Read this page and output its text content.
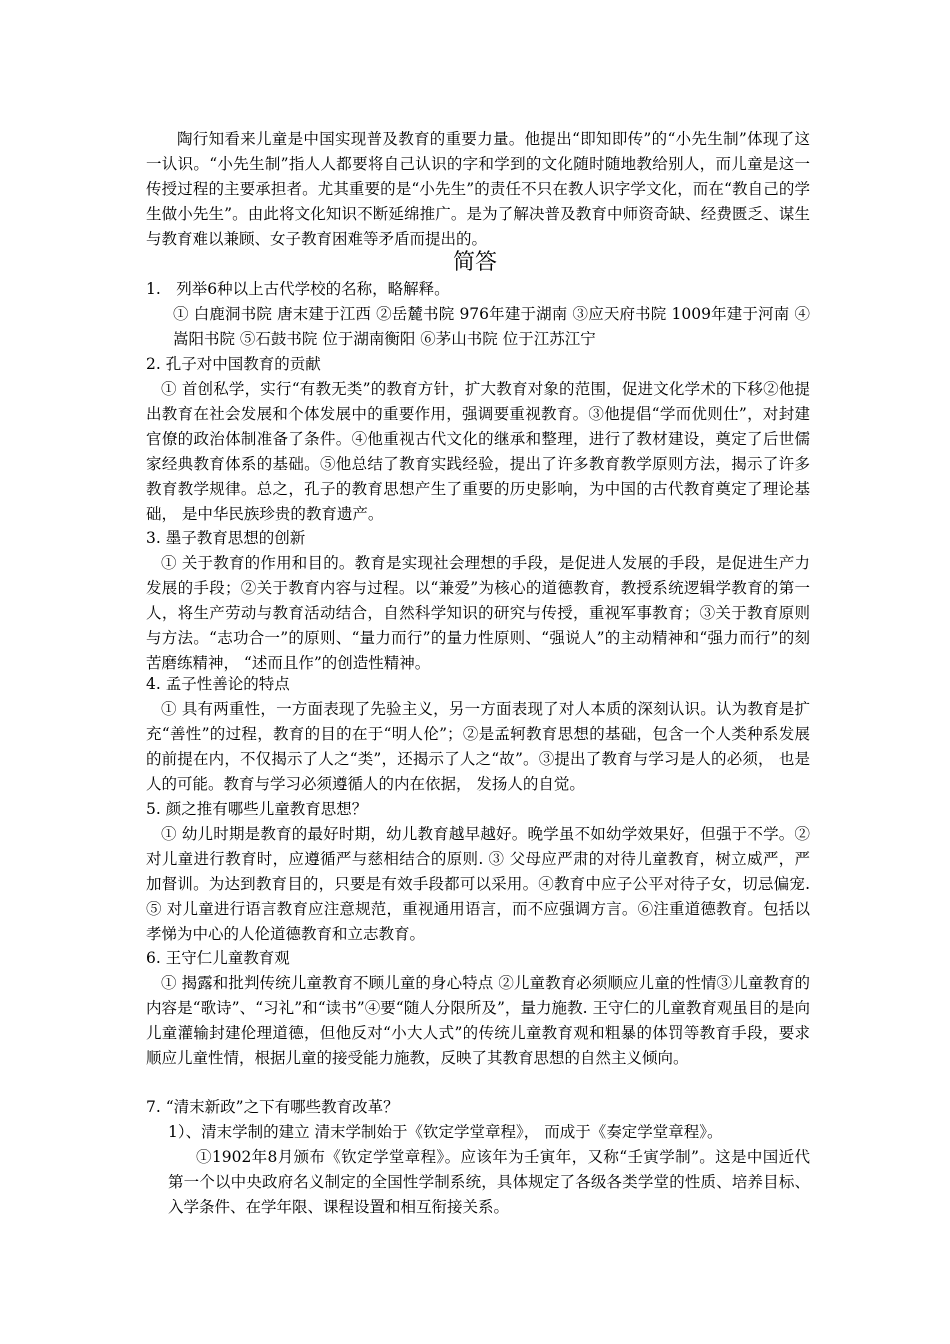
陶行知看来儿童是中国实现普及教育的重要力量。他提出“即知即传”的“小先生制”体现了这一认识。“小先生制”指人人都要将自己认识的字和学到的文化随时随地教给别人，而儿童是这一传授过程的主要承担者。尤其重要的是“小先生”的责任不只在教人识字学文化，而在“教自己的学生做小先生”。由此将文化知识不断延绵推广。是为了解决普及教育中师资奇缺、经费匮乏、谋生与教育难以兼顾、女子教育困难等矛盾而提出的。

简答

1.　列举6种以上古代学校的名称，略解释。

① 白鹿洞书院 唐末建于江西 ②岳麓书院 976年建于湖南 ③应天府书院 1009年建于河南 ④嵩阳书院 ⑤石鼓书院 位于湖南衡阳 ⑥茅山书院 位于江苏江宁

2. 孔子对中国教育的贡献

① 首创私学，实行“有教无类”的教育方针，扩大教育对象的范围，促进文化学术的下移②他提出教育在社会发展和个体发展中的重要作用，强调要重视教育。③他提倡“学而优则仕”，对封建官僚的政治体制准备了条件。④他重视古代文化的继承和整理，进行了教材建设，奠定了后世儒家经典教育体系的基础。⑤他总结了教育实践经验，提出了许多教育教学原则方法，揭示了许多教育教学规律。总之，孔子的教育思想产生了重要的历史影响，为中国的古代教育奠定了理论基础， 是中华民族珍贵的教育遗产。

3. 墨子教育思想的创新

① 关于教育的作用和目的。教育是实现社会理想的手段，是促进人发展的手段，是促进生产力发展的手段；②关于教育内容与过程。以“兼爱”为核心的道德教育，教授系统逻辑学教育的第一人，将生产劳动与教育活动结合，自然科学知识的研究与传授，重视军事教育；③关于教育原则与方法。“志功合一”的原则、“量力而行”的量力性原则、“强说人”的主动精神和“强力而行”的刻苦磨练精神， “述而且作”的创造性精神。

4. 孟子性善论的特点

① 具有两重性，一方面表现了先验主义，另一方面表现了对人本质的深刻认识。认为教育是扩充“善性”的过程，教育的目的在于“明人伦”；②是孟轲教育思想的基础，包含一个人类种系发展的前提在内，不仅揭示了人之“类”，还揭示了人之“故”。③提出了教育与学习是人的必须， 也是人的可能。教育与学习必须遵循人的内在依据， 发扬人的自觉。

5. 颜之推有哪些儿童教育思想？

① 幼儿时期是教育的最好时期，幼儿教育越早越好。晚学虽不如幼学效果好，但强于不学。②对儿童进行教育时，应遵循严与慈相结合的原则. ③ 父母应严肃的对待儿童教育，树立威严，严加督训。为达到教育目的，只要是有效手段都可以采用。④教育中应子公平对待子女，切忌偏宠. ⑤ 对儿童进行语言教育应注意规范，重视通用语言，而不应强调方言。⑥注重道德教育。包括以孝悌为中心的人伦道德教育和立志教育。

6. 王守仁儿童教育观

① 揭露和批判传统儿童教育不顾儿童的身心特点 ②儿童教育必须顺应儿童的性情③儿童教育的内容是“歌诗”、“习礼”和“读书”④要“随人分限所及”，量力施教. 王守仁的儿童教育观虽目的是向儿童灌输封建伦理道德，但他反对“小大人式”的传统儿童教育观和粗暴的体罚等教育手段，要求顺应儿童性情，根据儿童的接受能力施教，反映了其教育思想的自然主义倾向。

7. “清末新政”之下有哪些教育改革？

1）、清末学制的建立 清末学制始于《钦定学堂章程》， 而成于《奏定学堂章程》。

①1902年8月颁布《钦定学堂章程》。应该年为壬寅年，又称“壬寅学制”。这是中国近代第一个以中央政府名义制定的全国性学制系统，具体规定了各级各类学堂的性质、培养目标、入学条件、在学年限、课程设置和相互衔接关系。
